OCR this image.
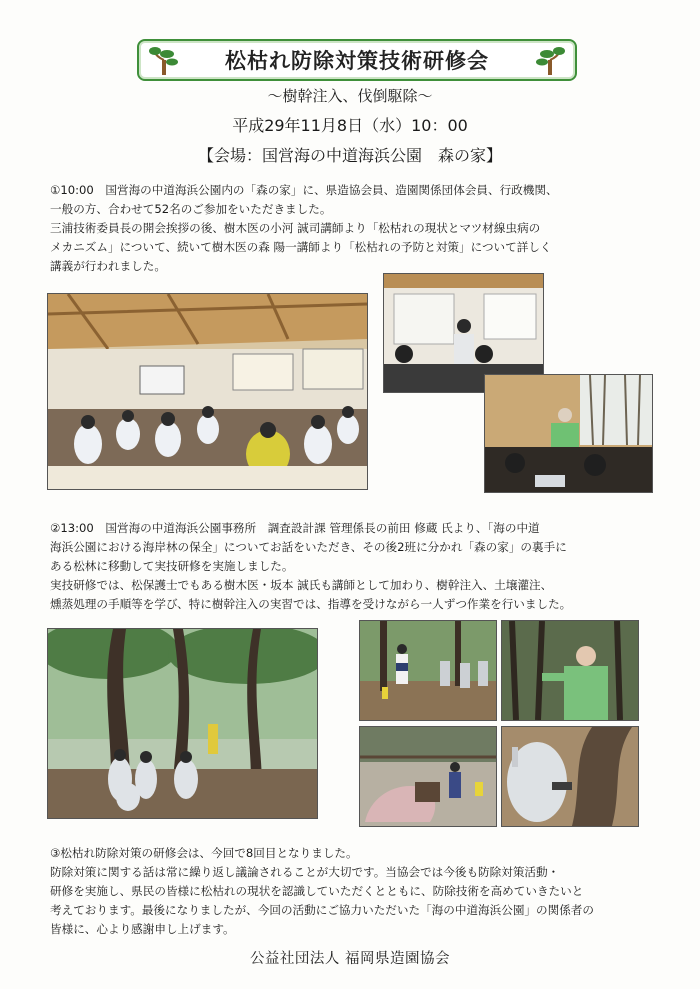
松枯れ防除対策技術研修会
～樹幹注入、伐倒駆除～
平成29年11月8日（水）10：00
【会場：国営海の中道海浜公園　森の家】
①10:00　国営海の中道海浜公園内の「森の家」に、県造協会員、造園関係団体会員、行政機関、
一般の方、合わせて52名のご参加をいただきました。
三浦技術委員長の開会挨拶の後、樹木医の小河 誠司講師より「松枯れの現状とマツ材線虫病の
メカニズム」について、続いて樹木医の森 陽一講師より「松枯れの予防と対策」について詳しく
講義が行われました。
②13:00　国営海の中道海浜公園事務所　調査設計課 管理係長の前田 修蔵 氏より、「海の中道
海浜公園における海岸林の保全」についてお話をいただき、その後2班に分かれ「森の家」の裏手に
ある松林に移動して実技研修を実施しました。
実技研修では、松保護士でもある樹木医・坂本 誠氏も講師として加わり、樹幹注入、土壌灌注、
燻蒸処理の手順等を学び、特に樹幹注入の実習では、指導を受けながら一人ずつ作業を行いました。
③松枯れ防除対策の研修会は、今回で8回目となりました。
防除対策に関する話は常に繰り返し議論されることが大切です。当協会では今後も防除対策活動・
研修を実施し、県民の皆様に松枯れの現状を認識していただくとともに、防除技術を高めていきたいと
考えております。最後になりましたが、今回の活動にご協力いただいた「海の中道海浜公園」の関係者の
皆様に、心より感謝申し上げます。
公益社団法人 福岡県造園協会
